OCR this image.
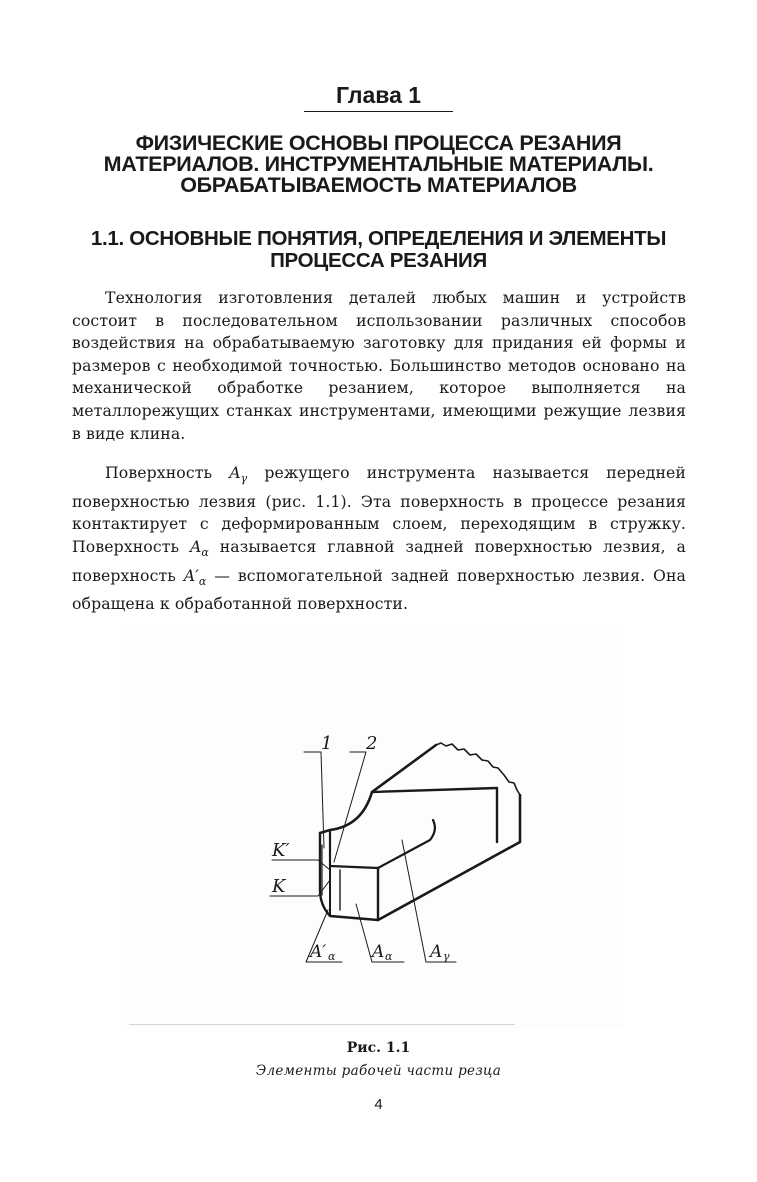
Глава 1
ФИЗИЧЕСКИЕ ОСНОВЫ ПРОЦЕССА РЕЗАНИЯ
МАТЕРИАЛОВ. ИНСТРУМЕНТАЛЬНЫЕ МАТЕРИАЛЫ.
ОБРАБАТЫВАЕМОСТЬ МАТЕРИАЛОВ
1.1. ОСНОВНЫЕ ПОНЯТИЯ, ОПРЕДЕЛЕНИЯ И ЭЛЕМЕНТЫ
ПРОЦЕССА РЕЗАНИЯ

Технология изготовления деталей любых машин и устройств состоит в последовательном использовании различных способов воздействия на обрабатываемую заготовку для придания ей формы и размеров с необходимой точностью. Большинство методов основано на механической обработке резанием, которое выполняется на металлорежущих станках инструментами, имеющими режущие лезвия в виде клина.

Поверхность $A_\gamma$ режущего инструмента называется передней поверхностью лезвия (рис. 1.1). Эта поверхность в процессе резания контактирует с деформированным слоем, переходящим в стружку. Поверхность $A_\alpha$ называется главной задней поверхностью лезвия, а поверхность $A'_\alpha$ — вспомогательной задней поверхностью лезвия. Она обращена к обработанной поверхности.

1 2
K′
K
A′ α A α A γ
Рис. 1.1
Элементы рабочей части резца
4
